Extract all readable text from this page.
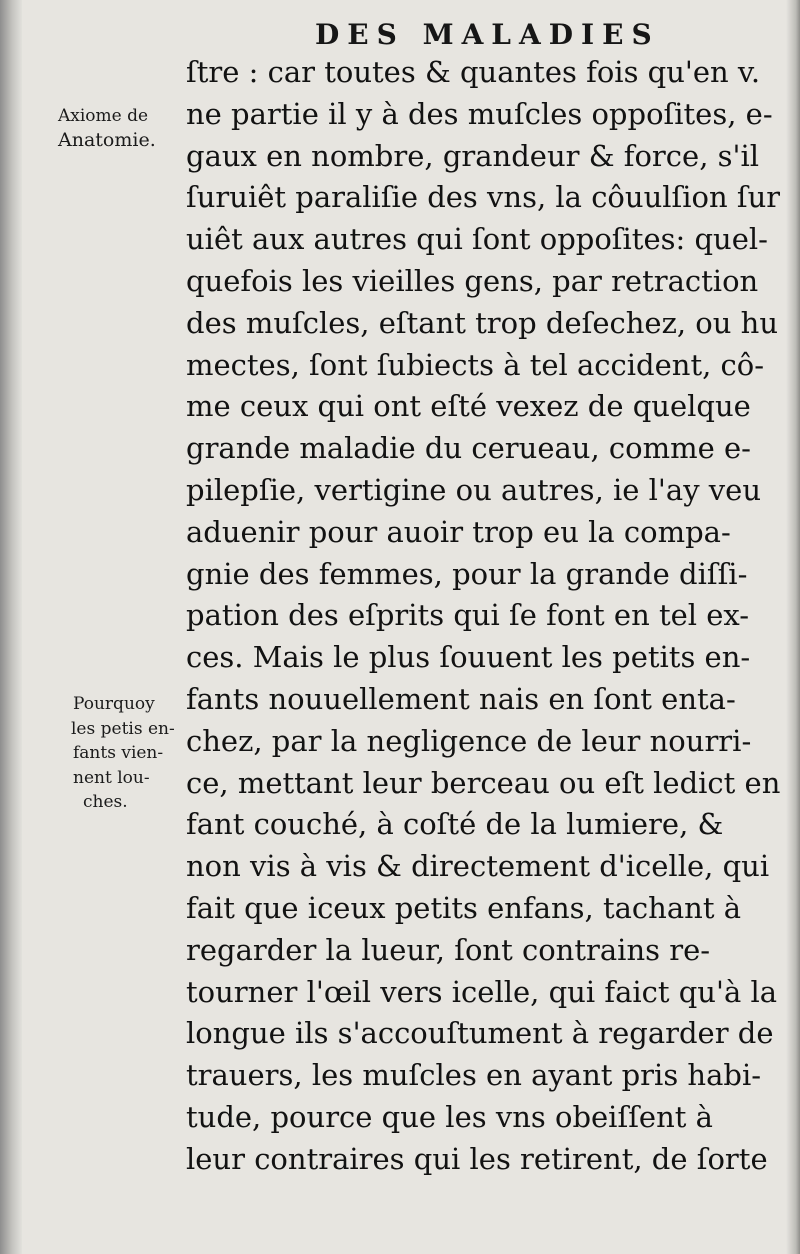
DES MALADIES
Axiome de
Anatomie.
Pourquoy
les petis en-
fants vien-
nent lou-
ches.
ſtre : car toutes & quantes fois qu'en v.
ne partie il y à des muſcles oppoſites, e-
gaux en nombre, grandeur & force, s'il
ſuruiêt paraliſie des vns, la côuulſion ſur
uiêt aux autres qui ſont oppoſites: quel-
quefois les vieilles gens, par retraction
des muſcles, eſtant trop deſechez, ou hu
mectes, ſont ſubiects à tel accident, cô-
me ceux qui ont eſté vexez de quelque
grande maladie du cerueau, comme e-
pilepſie, vertigine ou autres, ie l'ay veu
aduenir pour auoir trop eu la compa-
gnie des femmes, pour la grande diſſi-
pation des eſprits qui ſe font en tel ex-
ces. Mais le plus ſouuent les petits en-
fants nouuellement nais en ſont enta-
chez, par la negligence de leur nourri-
ce, mettant leur berceau ou eſt ledict en
fant couché, à coſté de la lumiere, &
non vis à vis & directement d'icelle, qui
fait que iceux petits enfans, tachant à
regarder la lueur, ſont contrains re-
tourner l'œil vers icelle, qui faict qu'à la
longue ils s'accouſtument à regarder de
trauers, les muſcles en ayant pris habi-
tude, pource que les vns obeiſſent à
leur contraires qui les retirent, de ſorte
